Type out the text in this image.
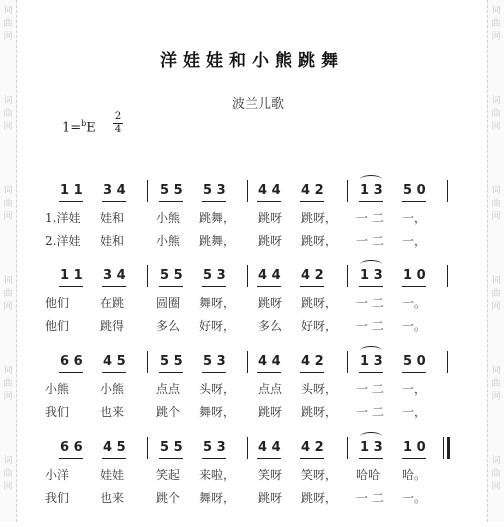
词
曲
网
词
曲
网
词
曲
网
词
曲
网
词
曲
网
词
曲
网
词
曲
网
词
曲
网
词
曲
网
词
曲
网
词
曲
网
词
曲
网
洋娃娃和小熊跳舞
波兰儿歌
1=$^b$E
2
4
1 1 3 4	5 5 5 3 4 4 4 2	1 3 5 0
1.洋娃 娃和	小熊 跳舞， 跳呀 跳呀， 一 二 一，
2.洋娃 娃和	小熊 跳舞， 跳呀 跳呀， 一 二 一，
1 1 3 4	5 5 5 3 4 4 4 2	1 3 1 0
他们	在跳	圆圈 舞呀， 跳呀 跳呀， 一 二 一。
他们	跳得	多么 好呀， 多么 好呀， 一 二 一。
6 6 4 5	5 5 5 3 4 4 4 2	1 3 5 0
小熊	小熊	点点 头呀， 点点 头呀， 一 二 一，
我们	也来	跳个 舞呀， 跳呀 跳呀， 一 二 一，
6 6 4 5	5 5 5 3 4 4 4 2	1 3 1 0
小洋	娃娃	笑起 来啦， 笑呀 笑呀， 哈哈 哈。
我们	也来	跳个 舞呀， 跳呀 跳呀， 一 二 一。
